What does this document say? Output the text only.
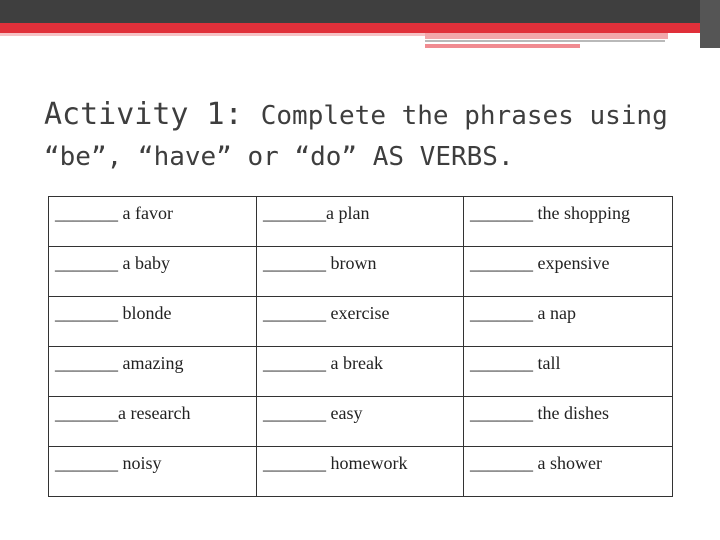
Activity 1: Complete the phrases using “be”, “have” or “do” AS VERBS.
_______ a favor	_______a plan	_______ the shopping
_______ a baby	_______ brown	_______ expensive
_______ blonde	_______ exercise	_______ a nap
_______ amazing	_______ a break	_______ tall
_______a research	_______ easy	_______ the dishes
_______ noisy	_______ homework	_______ a shower
